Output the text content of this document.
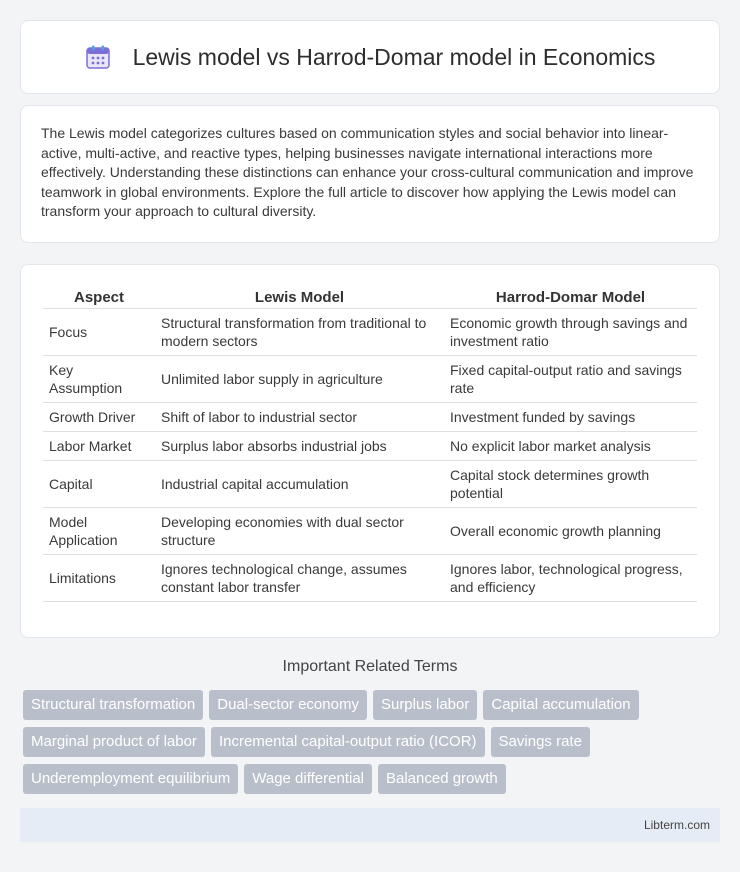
Lewis model vs Harrod-Domar model in Economics

The Lewis model categorizes cultures based on communication styles and social behavior into linear-active, multi-active, and reactive types, helping businesses navigate international interactions more effectively. Understanding these distinctions can enhance your cross-cultural communication and improve teamwork in global environments. Explore the full article to discover how applying the Lewis model can transform your approach to cultural diversity.

Aspect	Lewis Model	Harrod-Domar Model
Focus	Structural transformation from traditional to modern sectors	Economic growth through savings and investment ratio
Key Assumption	Unlimited labor supply in agriculture	Fixed capital-output ratio and savings rate
Growth Driver	Shift of labor to industrial sector	Investment funded by savings
Labor Market	Surplus labor absorbs industrial jobs	No explicit labor market analysis
Capital	Industrial capital accumulation	Capital stock determines growth potential
Model Application	Developing economies with dual sector structure	Overall economic growth planning
Limitations	Ignores technological change, assumes constant labor transfer	Ignores labor, technological progress, and efficiency
Important Related Terms
Structural transformation Dual-sector economy Surplus labor Capital accumulation
Marginal product of labor Incremental capital-output ratio (ICOR) Savings rate
Underemployment equilibrium Wage differential Balanced growth
Libterm.com
